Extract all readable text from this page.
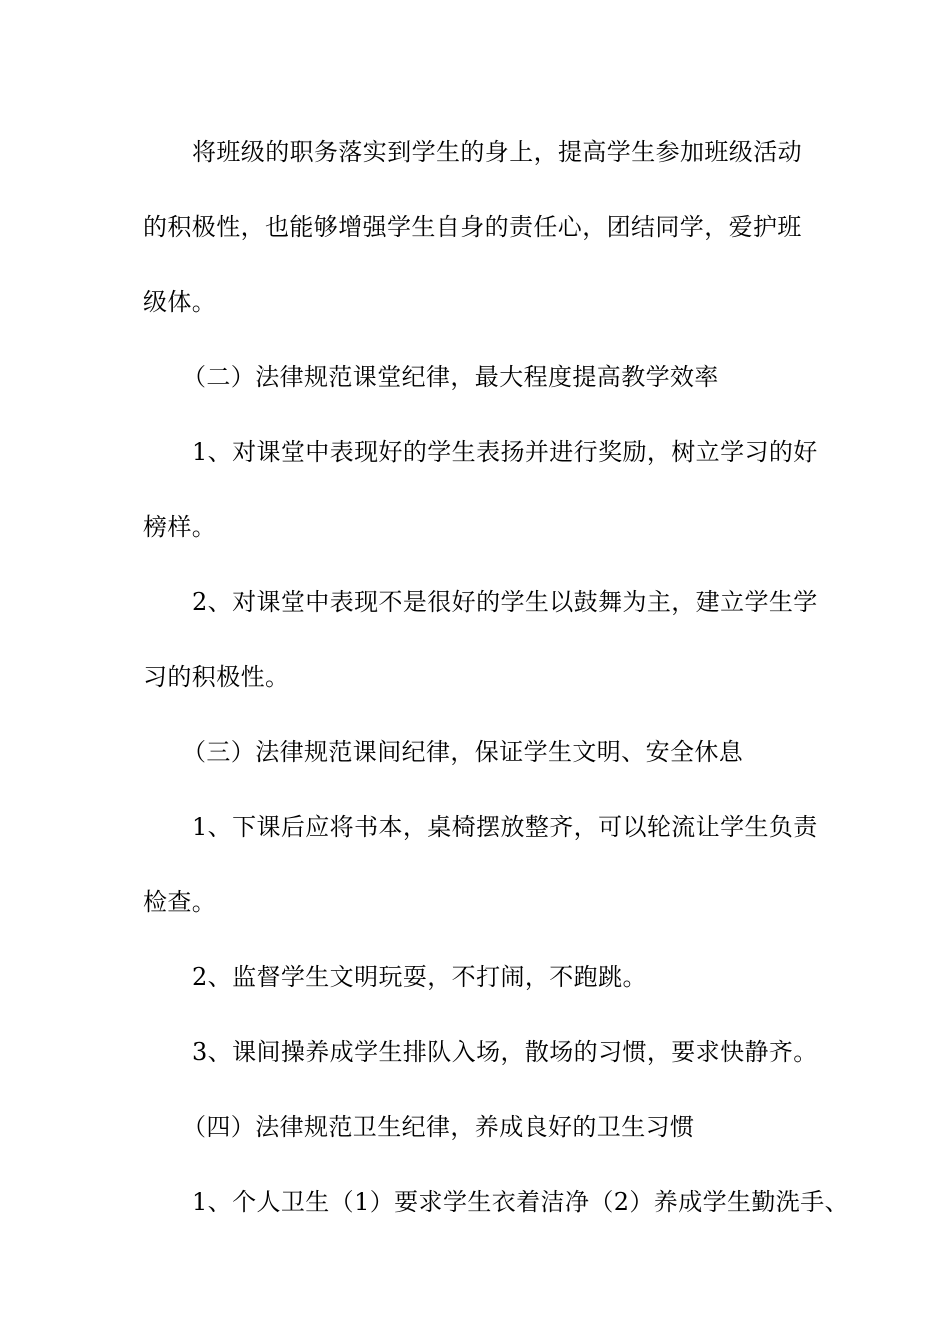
将班级的职务落实到学生的身上，提高学生参加班级活动
的积极性，也能够增强学生自身的责任心，团结同学，爱护班
级体。
（二）法律规范课堂纪律，最大程度提高教学效率
1、对课堂中表现好的学生表扬并进行奖励，树立学习的好
榜样。
2、对课堂中表现不是很好的学生以鼓舞为主，建立学生学
习的积极性。
（三）法律规范课间纪律，保证学生文明、安全休息
1、下课后应将书本，桌椅摆放整齐，可以轮流让学生负责
检查。
2、监督学生文明玩耍，不打闹，不跑跳。
3、课间操养成学生排队入场，散场的习惯，要求快静齐。
（四）法律规范卫生纪律，养成良好的卫生习惯
1、个人卫生（1）要求学生衣着洁净（2）养成学生勤洗手、
